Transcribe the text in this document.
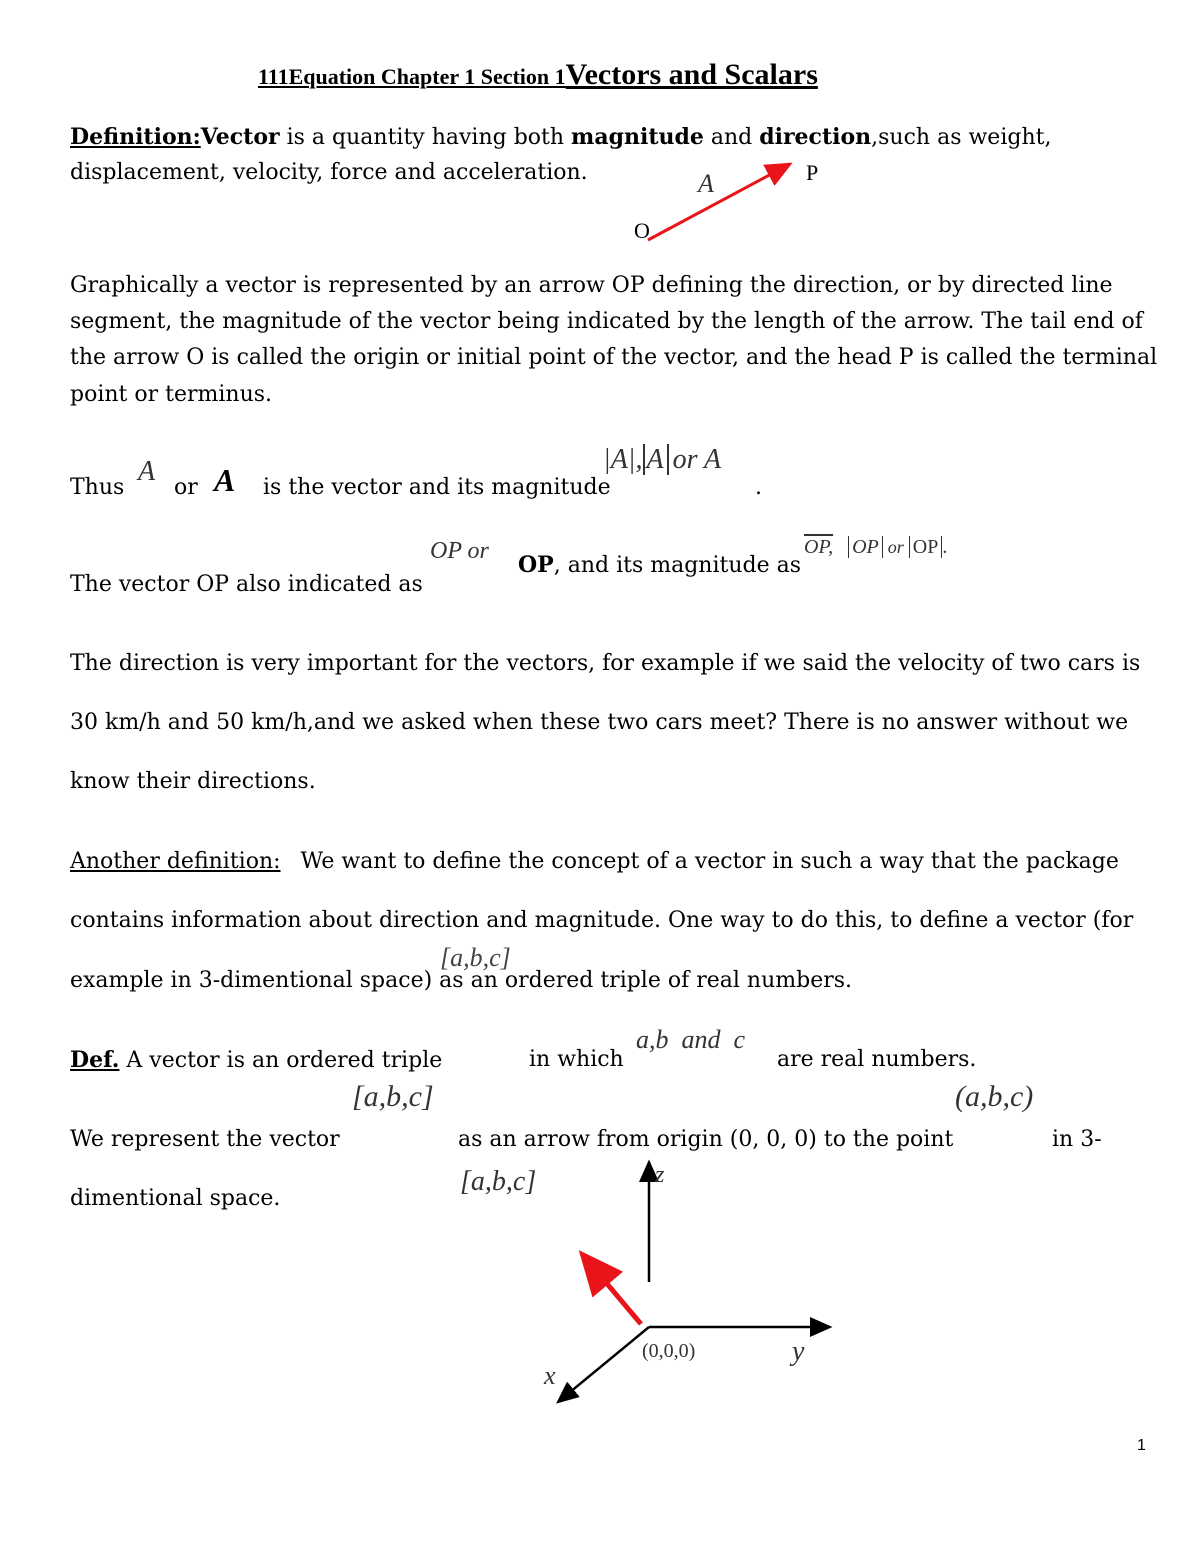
111Equation Chapter 1 Section 1Vectors and Scalars
Definition:Vector is a quantity having both magnitude and direction,such as weight,
displacement, velocity, force and acceleration.	A	P
O
Graphically a vector is represented by an arrow OP defining the direction, or by directed line
segment, the magnitude of the vector being indicated by the length of the arrow. The tail end of
the arrow O is called the origin or initial point of the vector, and the head P is called the terminal
point or terminus.
Thus
A
or A is the vector and its magnitude
|A|, A or A
.
OP or
OP, and its magnitude as
OP, OP or OP .
The vector OP also indicated as
The direction is very important for the vectors, for example if we said the velocity of two cars is
30 km/h and 50 km/h,and we asked when these two cars meet? There is no answer without we
know their directions.
Another definition: We want to define the concept of a vector in such a way that the package
contains information about direction and magnitude. One way to do this, to define a vector (for
[a,b,c]
example in 3-dimentional space) as an ordered triple of real numbers.
Def. A vector is an ordered triple	in which
a,b  and  c
are real numbers.
[a,b,c]	(a,b,c)
We represent the vector	as an arrow from origin (0, 0, 0) to the point	in 3-
[a,b,c]
dimentional space.
z
y
x
(0,0,0)
1
